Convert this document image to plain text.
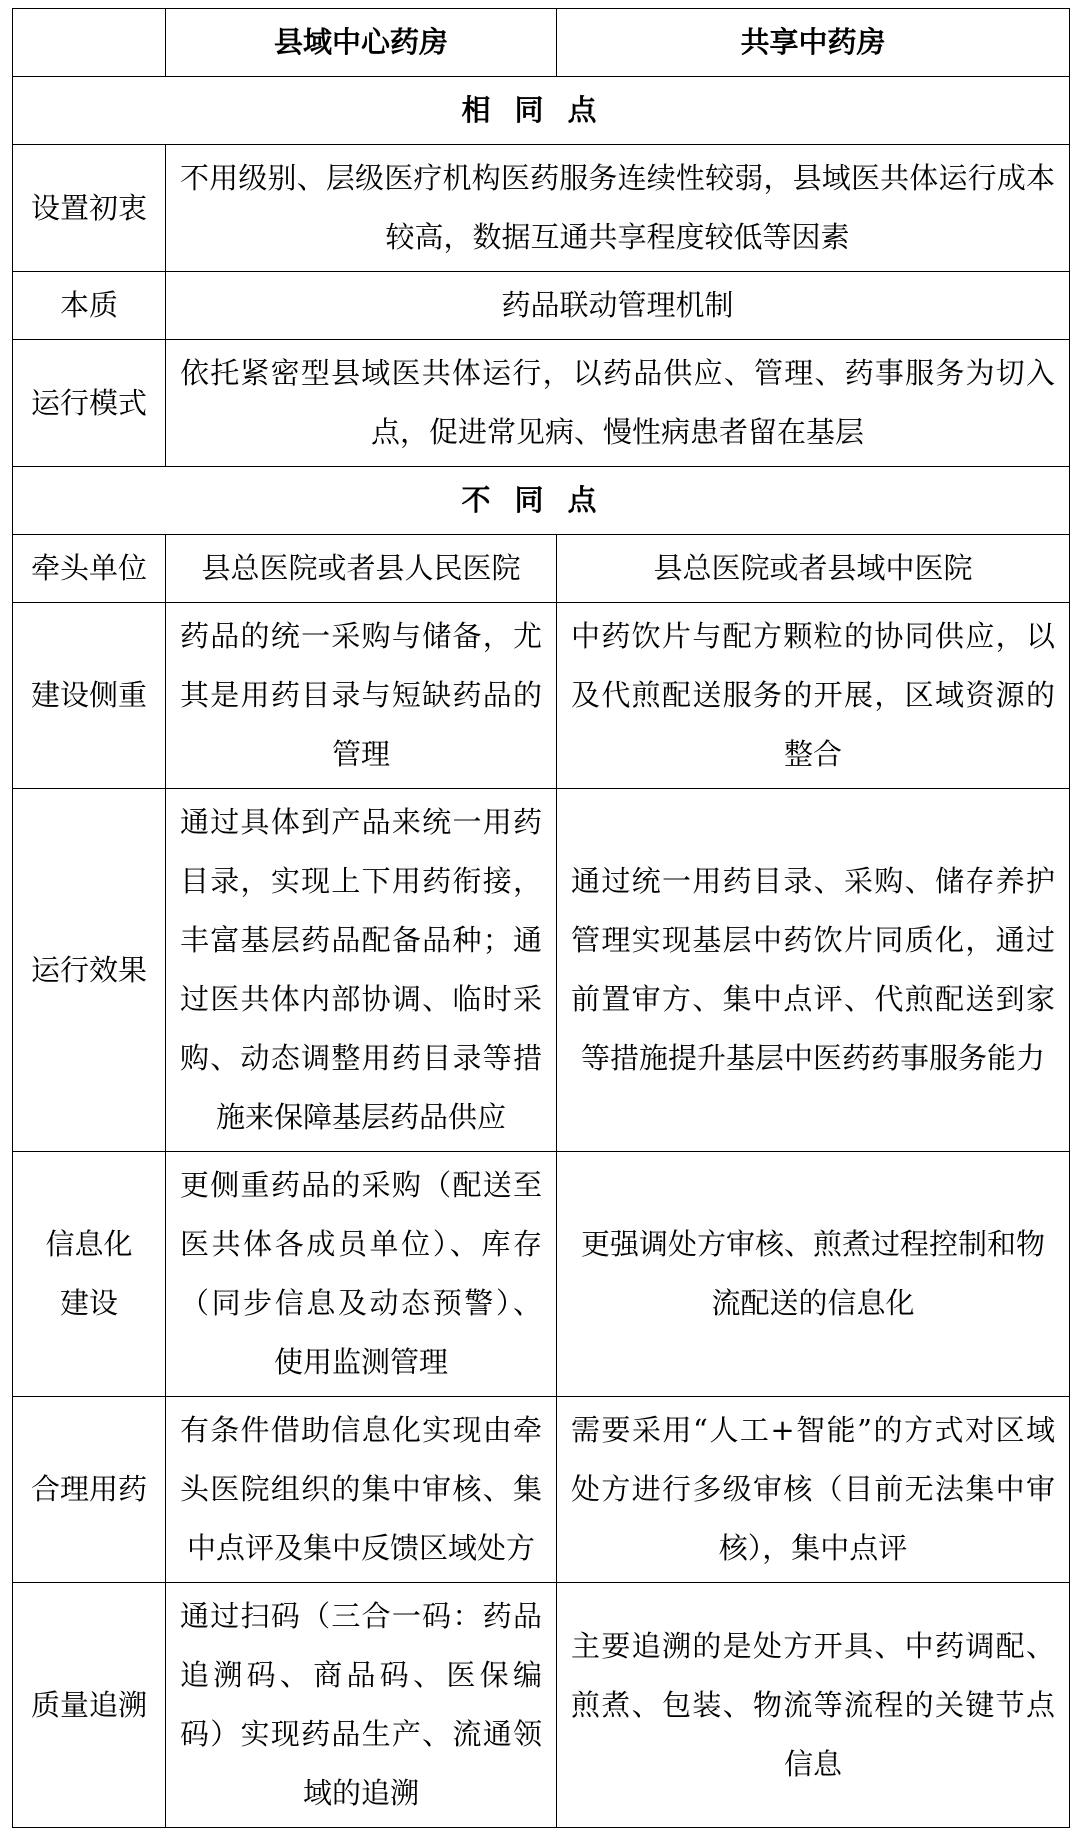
	县域中心药房	共享中药房
相同点		
设置初衷	不用级别、层级医疗机构医药服务连续性较弱，县域医共体运行成本较高，数据互通共享程度较低等因素	
本质	药品联动管理机制	
运行模式	依托紧密型县域医共体运行，以药品供应、管理、药事服务为切入点，促进常见病、慢性病患者留在基层	
不同点		
牵头单位	县总医院或者县人民医院	县总医院或者县域中医院
建设侧重	药品的统一采购与储备，尤其是用药目录与短缺药品的管理	中药饮片与配方颗粒的协同供应，以及代煎配送服务的开展，区域资源的整合
运行效果	通过具体到产品来统一用药目录，实现上下用药衔接，丰富基层药品配备品种；通过医共体内部协调、临时采购、动态调整用药目录等措施来保障基层药品供应	通过统一用药目录、采购、储存养护管理实现基层中药饮片同质化，通过前置审方、集中点评、代煎配送到家等措施提升基层中医药药事服务能力
信息化建设	更侧重药品的采购（配送至医共体各成员单位）、库存（同步信息及动态预警）、使用监测管理	更强调处方审核、煎煮过程控制和物流配送的信息化
合理用药	有条件借助信息化实现由牵头医院组织的集中审核、集中点评及集中反馈区域处方	需要采用“人工+智能”的方式对区域处方进行多级审核（目前无法集中审核），集中点评
质量追溯	通过扫码（三合一码：药品追溯码、商品码、医保编码）实现药品生产、流通领域的追溯	主要追溯的是处方开具、中药调配、煎煮、包装、物流等流程的关键节点信息
